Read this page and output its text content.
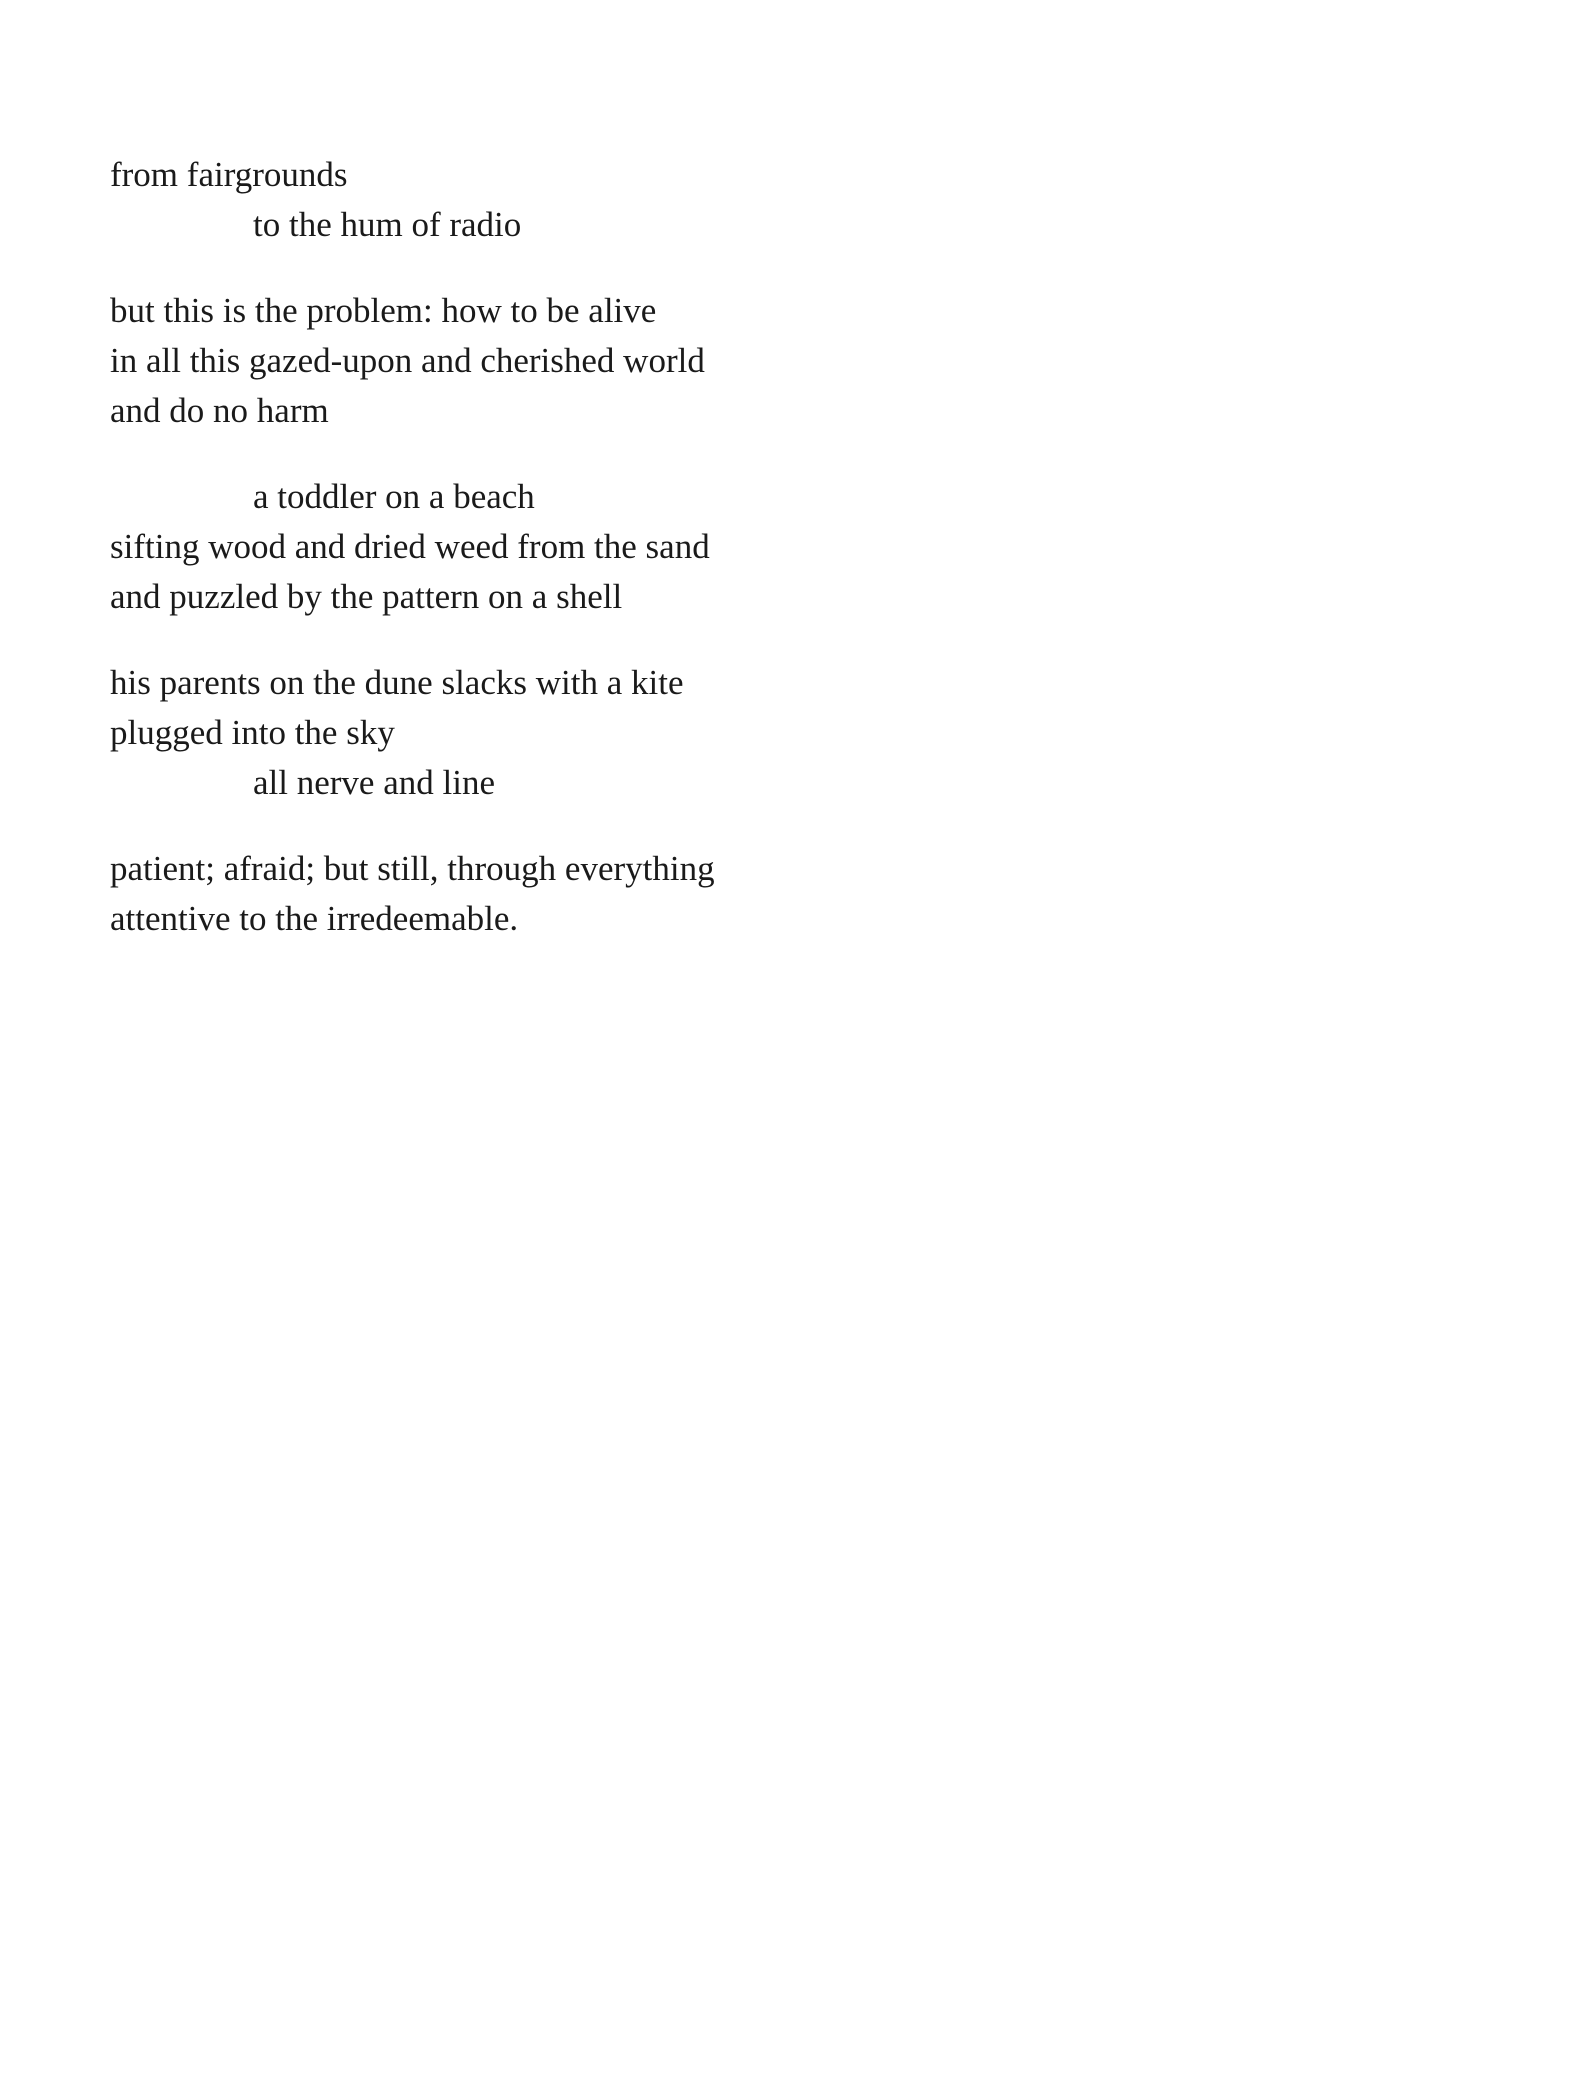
from fairgrounds
to the hum of radio
but this is the problem: how to be alive
in all this gazed-upon and cherished world
and do no harm
a toddler on a beach
sifting wood and dried weed from the sand
and puzzled by the pattern on a shell
his parents on the dune slacks with a kite
plugged into the sky
all nerve and line
patient; afraid; but still, through everything
attentive to the irredeemable.
